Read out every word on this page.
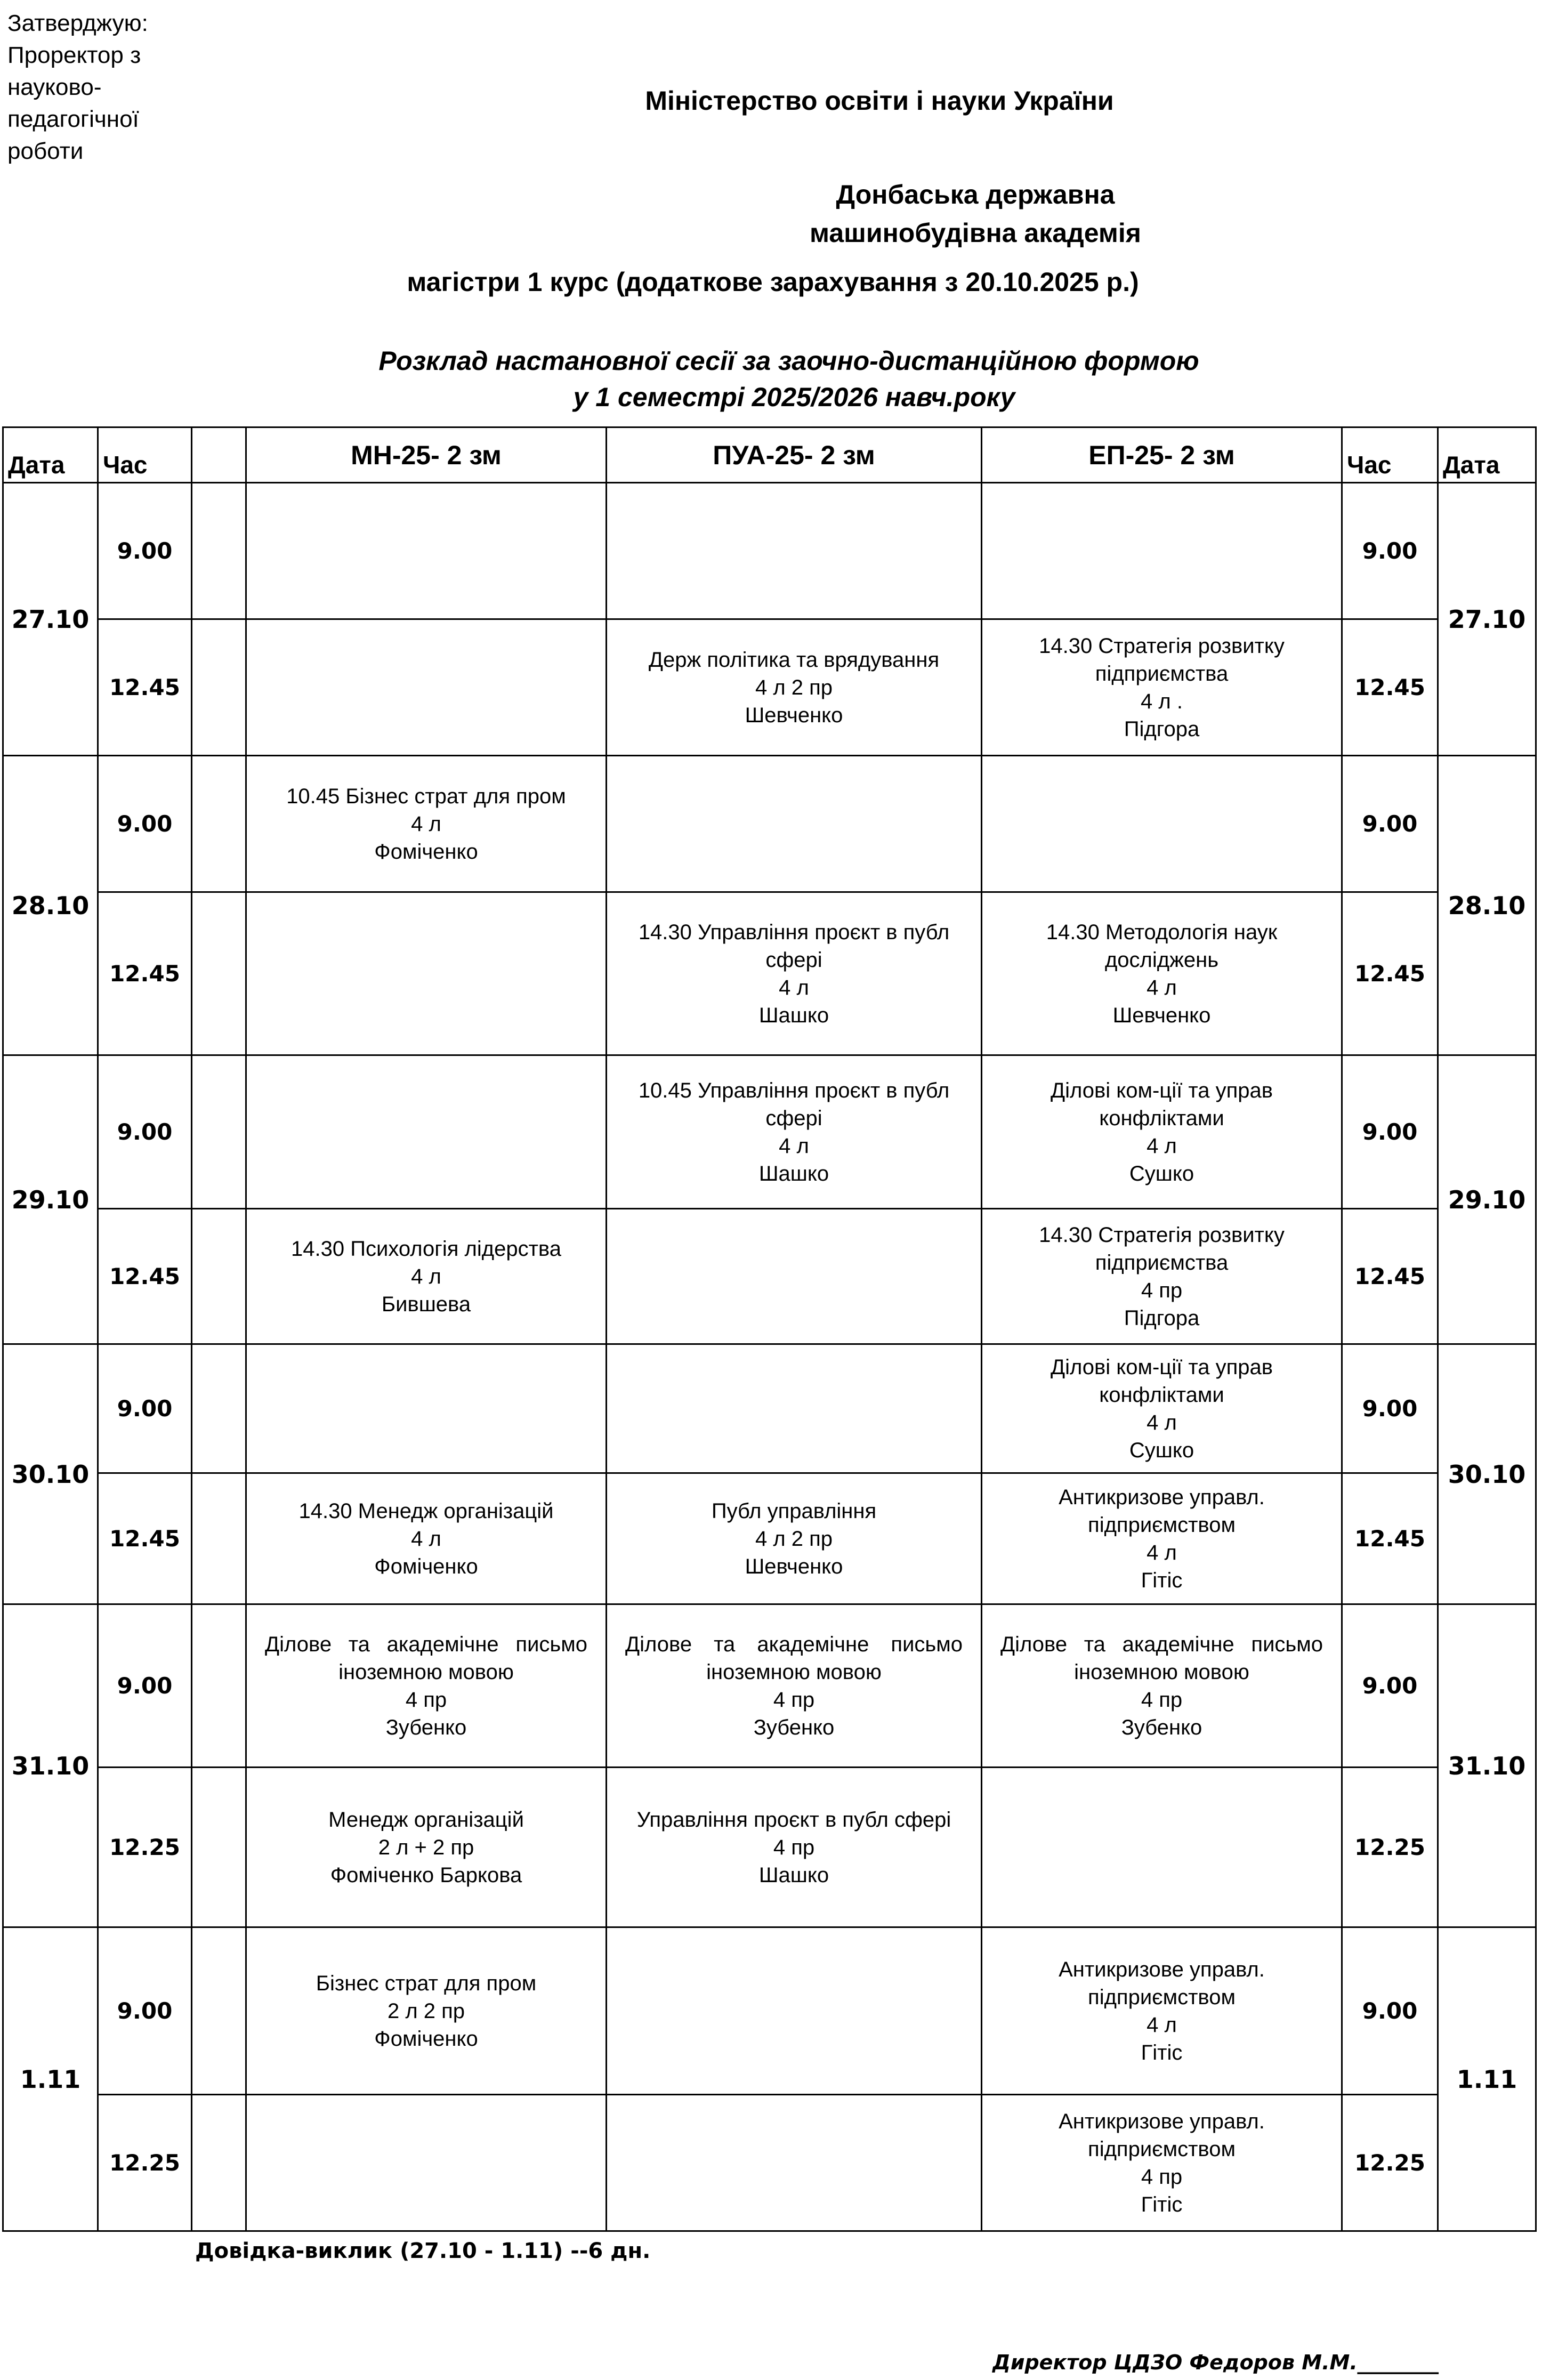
Затверджую:
Проректор з
науково-
педагогічної
роботи
Міністерство освіти і науки України
Донбаська державна
машинобудівна академія
магістри 1 курс (додаткове зарахування з 20.10.2025 р.)
Розклад настановної сесії за заочно-дистанційною формою
у 1 семестрі 2025/2026 навч.року
Дата	Час		МН-25- 2 зм	ПУА-25- 2 зм	ЕП-25- 2 зм	Час	Дата
27.10	9.00					9.00	27.10
	12.45			Держ політика та врядування
4 л 2 пр
Шевченко	14.30 Стратегія розвитку
підприємства
4 л .
Підгора	12.45	
28.10	9.00		10.45 Бізнес страт для пром
4 л
Фоміченко			9.00	28.10
	12.45			14.30 Управління проєкт в публ
сфері
4 л
Шашко	14.30 Методологія наук
досліджень
4 л
Шевченко	12.45	
29.10	9.00			10.45 Управління проєкт в публ
сфері
4 л
Шашко	Ділові ком-ції та управ
конфліктами
4 л
Сушко	9.00	29.10
	12.45		14.30 Психологія лідерства
4 л
Бившева		14.30 Стратегія розвитку
підприємства
4 пр
Підгора	12.45	
30.10	9.00				Ділові ком-ції та управ
конфліктами
4 л
Сушко	9.00	30.10
	12.45		14.30 Менедж організацій
4 л
Фоміченко	Публ управління
4 л 2 пр
Шевченко	Антикризове управл.
підприємством
4 л
Гітіс	12.45	
31.10	9.00		Ділове та академічне письмо іноземною мовою
4 пр
Зубенко	Ділове та академічне письмо іноземною мовою
4 пр
Зубенко	Ділове та академічне письмо іноземною мовою
4 пр
Зубенко	9.00	31.10
	12.25		Менедж організацій
2 л + 2 пр
Фоміченко Баркова	Управління проєкт в публ сфері
4 пр
Шашко		12.25	
1.11	9.00		Бізнес страт для пром
2 л 2 пр
Фоміченко		Антикризове управл.
підприємством
4 л
Гітіс	9.00	1.11
	12.25				Антикризове управл.
підприємством
4 пр
Гітіс	12.25	
Довідка-виклик (27.10 - 1.11) --6 дн.
Директор ЦДЗО Федоров М.М.________
